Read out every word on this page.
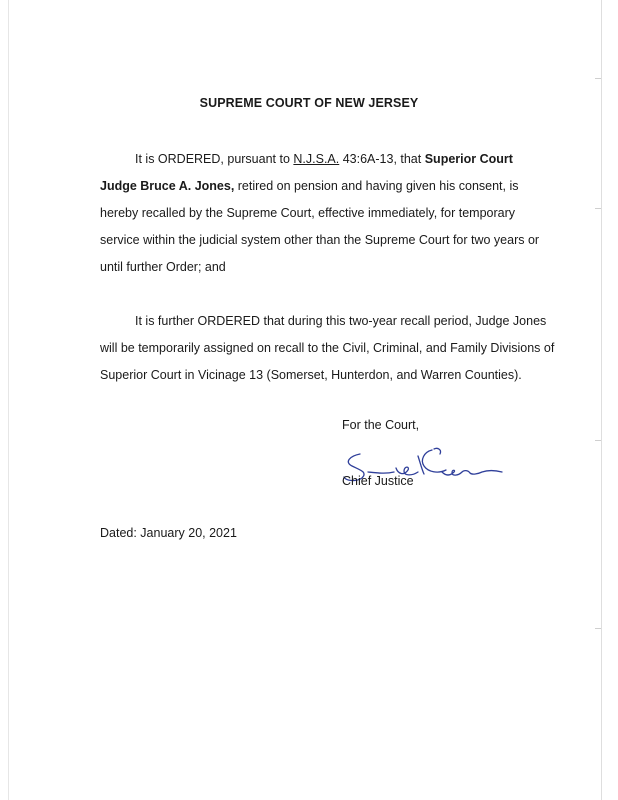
SUPREME COURT OF NEW JERSEY
It is ORDERED, pursuant to N.J.S.A. 43:6A-13, that Superior Court
Judge Bruce A. Jones, retired on pension and having given his consent, is
hereby recalled by the Supreme Court, effective immediately, for temporary
service within the judicial system other than the Supreme Court for two years or
until further Order; and
It is further ORDERED that during this two-year recall period, Judge Jones
will be temporarily assigned on recall to the Civil, Criminal, and Family Divisions of
Superior Court in Vicinage 13 (Somerset, Hunterdon, and Warren Counties).
For the Court,
Chief Justice
Dated: January 20, 2021
